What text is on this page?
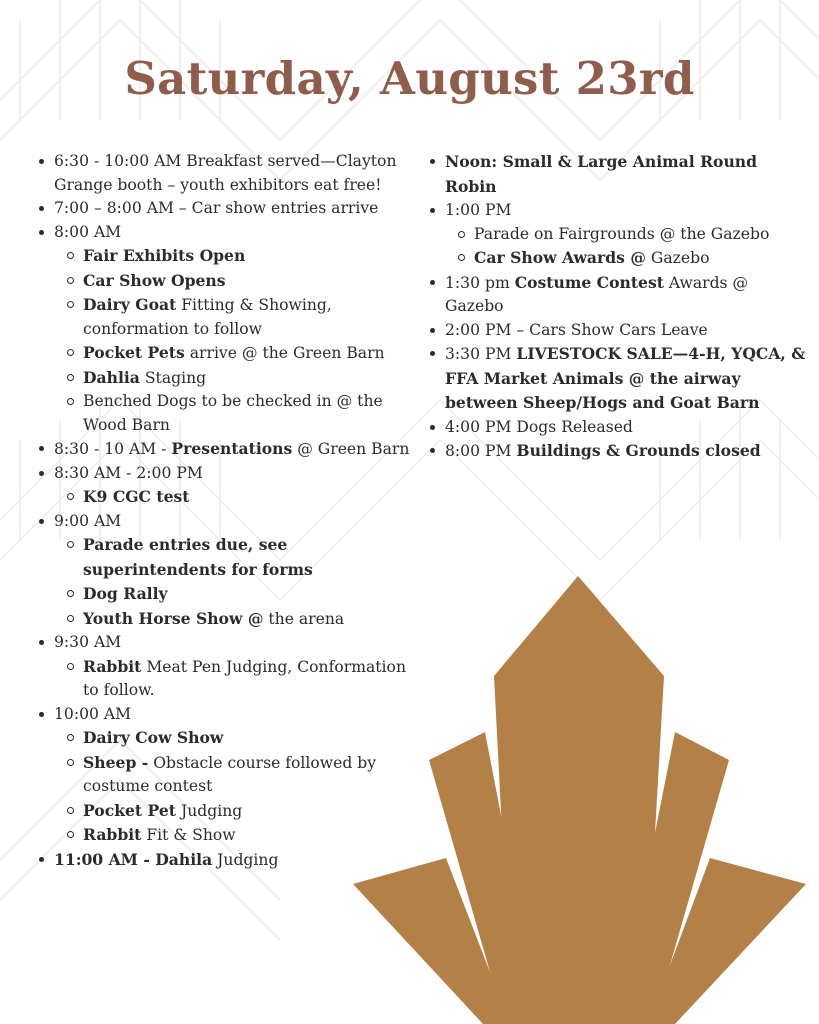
Saturday, August 23rd
6:30 - 10:00 AM Breakfast served—Clayton Grange booth – youth exhibitors eat free!
7:00 – 8:00 AM – Car show entries arrive
8:00 AM
Fair Exhibits Open
Car Show Opens
Dairy Goat Fitting & Showing, conformation to follow
Pocket Pets arrive @ the Green Barn
Dahlia Staging
Benched Dogs to be checked in @ the Wood Barn
8:30 - 10 AM - Presentations @ Green Barn
8:30 AM - 2:00 PM
K9 CGC test
9:00 AM
Parade entries due, see superintendents for forms
Dog Rally
Youth Horse Show @ the arena
9:30 AM
Rabbit Meat Pen Judging, Conformation to follow.
10:00 AM
Dairy Cow Show
Sheep - Obstacle course followed by costume contest
Pocket Pet Judging
Rabbit Fit & Show
11:00 AM - Dahila Judging
Noon: Small & Large Animal Round Robin
1:00 PM
Parade on Fairgrounds @ the Gazebo
Car Show Awards @ Gazebo
1:30 pm Costume Contest Awards @ Gazebo
2:00 PM – Cars Show Cars Leave
3:30 PM LIVESTOCK SALE—4-H, YQCA, & FFA Market Animals @ the airway between Sheep/Hogs and Goat Barn
4:00 PM Dogs Released
8:00 PM Buildings & Grounds closed
